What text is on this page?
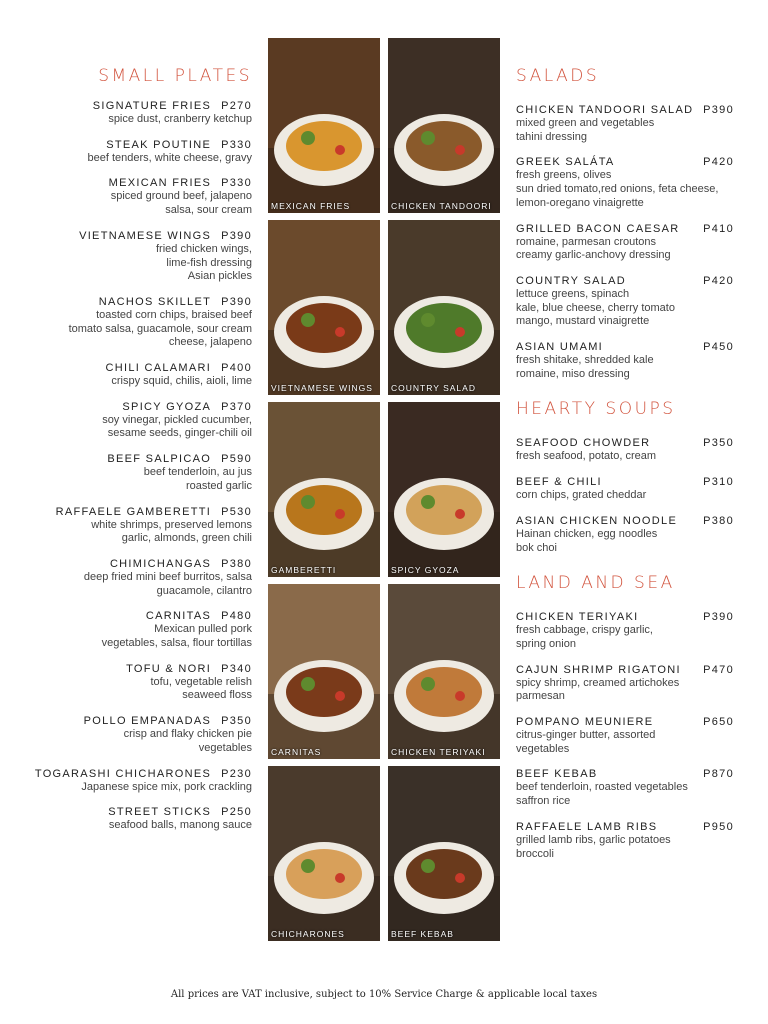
SMALL PLATES
SIGNATURE FRIES P270
spice dust, cranberry ketchup
STEAK POUTINE P330
beef tenders, white cheese, gravy
MEXICAN FRIES P330
spiced ground beef, jalapeno
salsa, sour cream
VIETNAMESE WINGS P390
fried chicken wings,
lime-fish dressing
Asian pickles
NACHOS SKILLET P390
toasted corn chips, braised beef
tomato salsa, guacamole, sour cream
cheese, jalapeno
CHILI CALAMARI P400
crispy squid, chilis, aioli, lime
SPICY GYOZA P370
soy vinegar, pickled cucumber,
sesame seeds, ginger-chili oil
BEEF SALPICAO P590
beef tenderloin, au jus
roasted garlic
RAFFAELE GAMBERETTI P530
white shrimps, preserved lemons
garlic, almonds, green chili
CHIMICHANGAS P380
deep fried mini beef burritos, salsa
guacamole, cilantro
CARNITAS P480
Mexican pulled pork
vegetables, salsa, flour tortillas
TOFU & NORI P340
tofu, vegetable relish
seaweed floss
POLLO EMPANADAS P350
crisp and flaky chicken pie
vegetables
TOGARASHI CHICHARONES P230
Japanese spice mix, pork crackling
STREET STICKS P250
seafood balls, manong sauce
MEXICAN FRIES	CHICKEN TANDOORI
VIETNAMESE WINGS COUNTRY SALAD
GAMBERETTI	SPICY GYOZA
CARNITAS	CHICKEN TERIYAKI
CHICHARONES	BEEF KEBAB
SALADS
CHICKEN TANDOORI SALAD P390
mixed green and vegetables
tahini dressing
GREEK SALÁTA	P420
fresh greens, olives
sun dried tomato,red onions, feta cheese,
lemon-oregano vinaigrette
GRILLED BACON CAESAR P410
romaine, parmesan croutons
creamy garlic-anchovy dressing
COUNTRY SALAD	P420
lettuce greens, spinach
kale, blue cheese, cherry tomato
mango, mustard vinaigrette
ASIAN UMAMI	P450
fresh shitake, shredded kale
romaine, miso dressing
HEARTY SOUPS
SEAFOOD CHOWDER	P350
fresh seafood, potato, cream
BEEF & CHILI	P310
corn chips, grated cheddar
ASIAN CHICKEN NOODLE P380
Hainan chicken, egg noodles
bok choi
LAND AND SEA
CHICKEN TERIYAKI	P390
fresh cabbage, crispy garlic,
spring onion
CAJUN SHRIMP RIGATONI P470
spicy shrimp, creamed artichokes
parmesan
POMPANO MEUNIERE	P650
citrus-ginger butter, assorted
vegetables
BEEF KEBAB	P870
beef tenderloin, roasted vegetables
saffron rice
RAFFAELE LAMB RIBS	P950
grilled lamb ribs, garlic potatoes
broccoli
All prices are VAT inclusive, subject to 10% Service Charge & applicable local taxes
